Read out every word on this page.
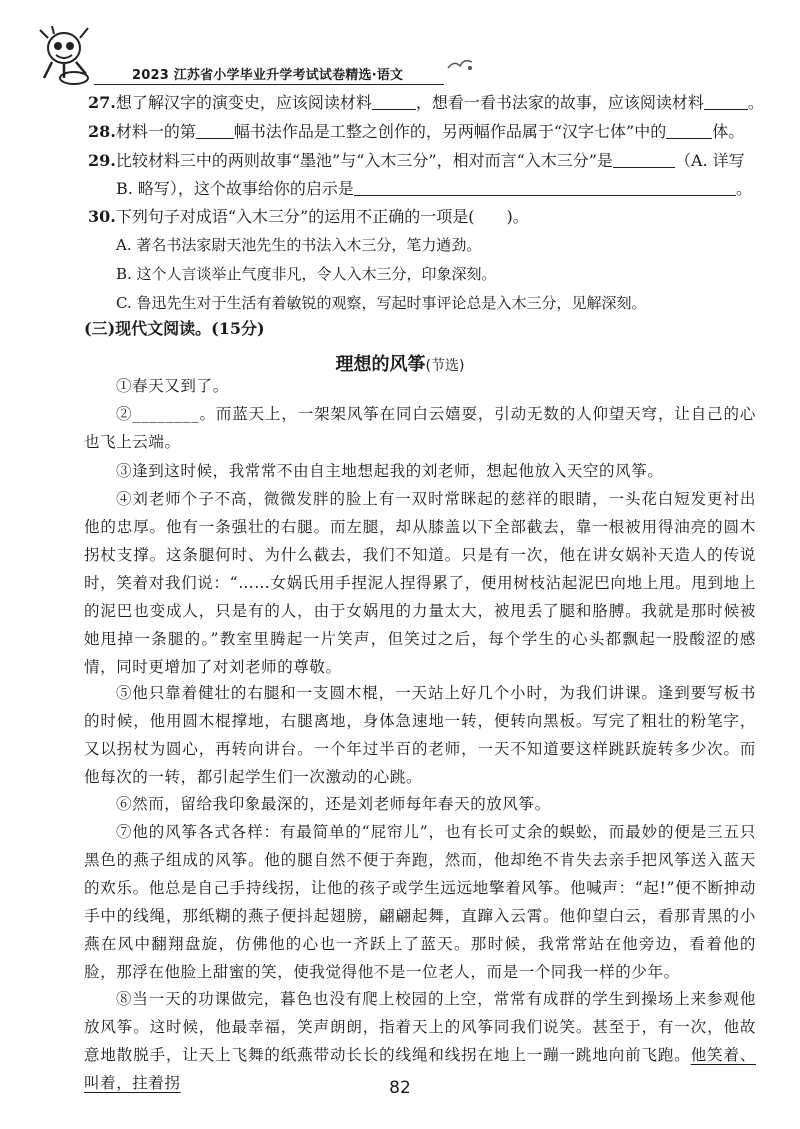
2023 江苏省小学毕业升学考试试卷精选·语文
27.想了解汉字的演变史，应该阅读材料	，想看一看书法家的故事，应该阅读材料	。
28.材料一的第 幅书法作品是工整之创作的，另两幅作品属于“汉字七体”中的	体。
29.比较材料三中的两则故事“墨池”与“入木三分”，相对而言“入木三分”是	（A. 详写
B. 略写），这个故事给你的启示是	。
30.下列句子对成语“入木三分”的运用不正确的一项是(　　)。
A. 著名书法家尉天池先生的书法入木三分，笔力遒劲。
B. 这个人言谈举止气度非凡，令人入木三分，印象深刻。
C. 鲁迅先生对于生活有着敏锐的观察，写起时事评论总是入木三分，见解深刻。
(三)现代文阅读。(15分)
理想的风筝(节选)
①春天又到了。
②________。而蓝天上，一架架风筝在同白云嬉耍，引动无数的人仰望天穹，让自己的心也飞上云端。
③逢到这时候，我常常不由自主地想起我的刘老师，想起他放入天空的风筝。
④刘老师个子不高，微微发胖的脸上有一双时常眯起的慈祥的眼睛，一头花白短发更衬出他的忠厚。他有一条强壮的右腿。而左腿，却从膝盖以下全部截去，靠一根被用得油亮的圆木拐杖支撑。这条腿何时、为什么截去，我们不知道。只是有一次，他在讲女娲补天造人的传说时，笑着对我们说：“……女娲氏用手捏泥人捏得累了，便用树枝沾起泥巴向地上甩。甩到地上的泥巴也变成人，只是有的人，由于女娲甩的力量太大，被甩丢了腿和胳膊。我就是那时候被她甩掉一条腿的。”教室里腾起一片笑声，但笑过之后，每个学生的心头都飘起一股酸涩的感情，同时更增加了对刘老师的尊敬。
⑤他只靠着健壮的右腿和一支圆木棍，一天站上好几个小时，为我们讲课。逢到要写板书的时候，他用圆木棍撑地，右腿离地，身体急速地一转，便转向黑板。写完了粗壮的粉笔字，又以拐杖为圆心，再转向讲台。一个年过半百的老师，一天不知道要这样跳跃旋转多少次。而他每次的一转，都引起学生们一次激动的心跳。
⑥然而，留给我印象最深的，还是刘老师每年春天的放风筝。
⑦他的风筝各式各样：有最简单的“屁帘儿”，也有长可丈余的蜈蚣，而最妙的便是三五只黑色的燕子组成的风筝。他的腿自然不便于奔跑，然而，他却绝不肯失去亲手把风筝送入蓝天的欢乐。他总是自己手持线拐，让他的孩子或学生远远地擎着风筝。他喊声：“起!”便不断抻动手中的线绳，那纸糊的燕子便抖起翅膀，翩翩起舞，直蹿入云霄。他仰望白云，看那青黑的小燕在风中翻翔盘旋，仿佛他的心也一齐跃上了蓝天。那时候，我常常站在他旁边，看着他的脸，那浮在他脸上甜蜜的笑，使我觉得他不是一位老人，而是一个同我一样的少年。
⑧当一天的功课做完，暮色也没有爬上校园的上空，常常有成群的学生到操场上来参观他放风筝。这时候，他最幸福，笑声朗朗，指着天上的风筝同我们说笑。甚至于，有一次，他故意地散脱手，让天上飞舞的纸燕带动长长的线绳和线拐在地上一蹦一跳地向前飞跑。他笑着、叫着，拄着拐	82
